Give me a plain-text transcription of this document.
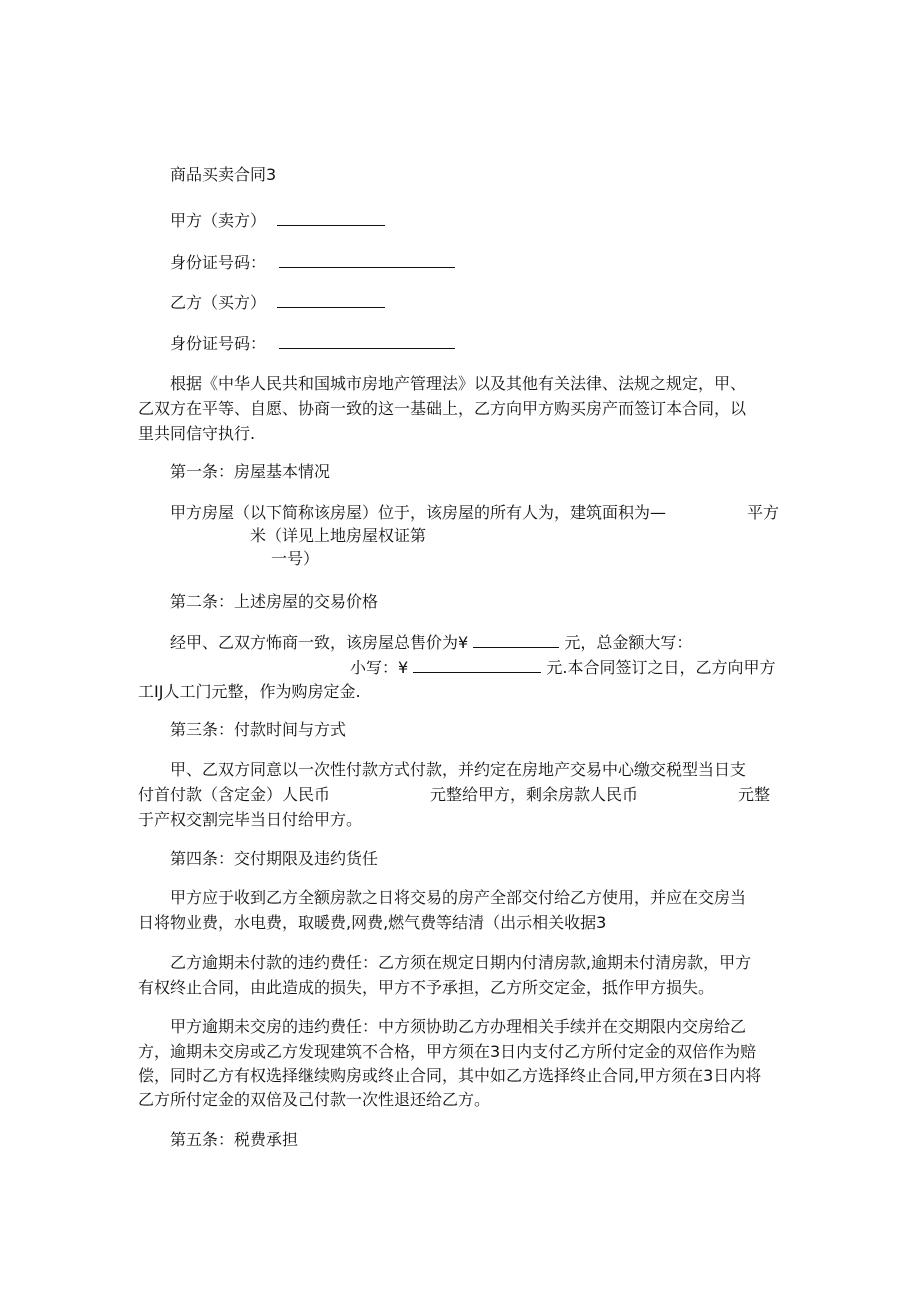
商品买卖合同3
甲方（卖方）
身份证号码：
乙方（买方）
身份证号码：
根据《中华人民共和国城市房地产管理法》以及其他有关法律、法规之规定，甲、
乙双方在平等、自愿、协商一致的这一基础上，乙方向甲方购买房产而签订本合同，以
里共同信守执行.
第一条：房屋基本情况
甲方房屋（以下简称该房屋）位于，该房屋的所有人为，建筑面积为—	平方
米（详见上地房屋权证第
一号）
第二条：上述房屋的交易价格
经甲、乙双方怖商一致，该房屋总售价为¥	元，总金额大写：
小写：¥	元.本合同签订之日，乙方向甲方
工IJ人工门元整，作为购房定金.
第三条：付款时间与方式
甲、乙双方同意以一次性付款方式付款，并约定在房地产交易中心缴交税型当日支
付首付款（含定金）人民币	元整给甲方，剩余房款人民币	元整
于产权交割完毕当日付给甲方。
第四条：交付期限及违约货任
甲方应于收到乙方全额房款之日将交易的房产全部交付给乙方使用，并应在交房当
日将物业费，水电费，取暖费,网费,燃气费等结清（出示相关收据3
乙方逾期未付款的违约费任：乙方须在规定日期内付清房款,逾期未付清房款，甲方
有权终止合同，由此造成的损失，甲方不予承担，乙方所交定金，抵作甲方损失。
甲方逾期未交房的违约费任：中方须协助乙方办理相关手续并在交期限内交房给乙
方，逾期未交房或乙方发现建筑不合格，甲方须在3日内支付乙方所付定金的双倍作为赔
偿，同时乙方有权选择继续购房或终止合同，其中如乙方选择终止合同,甲方须在3日内将
乙方所付定金的双倍及己付款一次性退还给乙方。
第五条：税费承担
